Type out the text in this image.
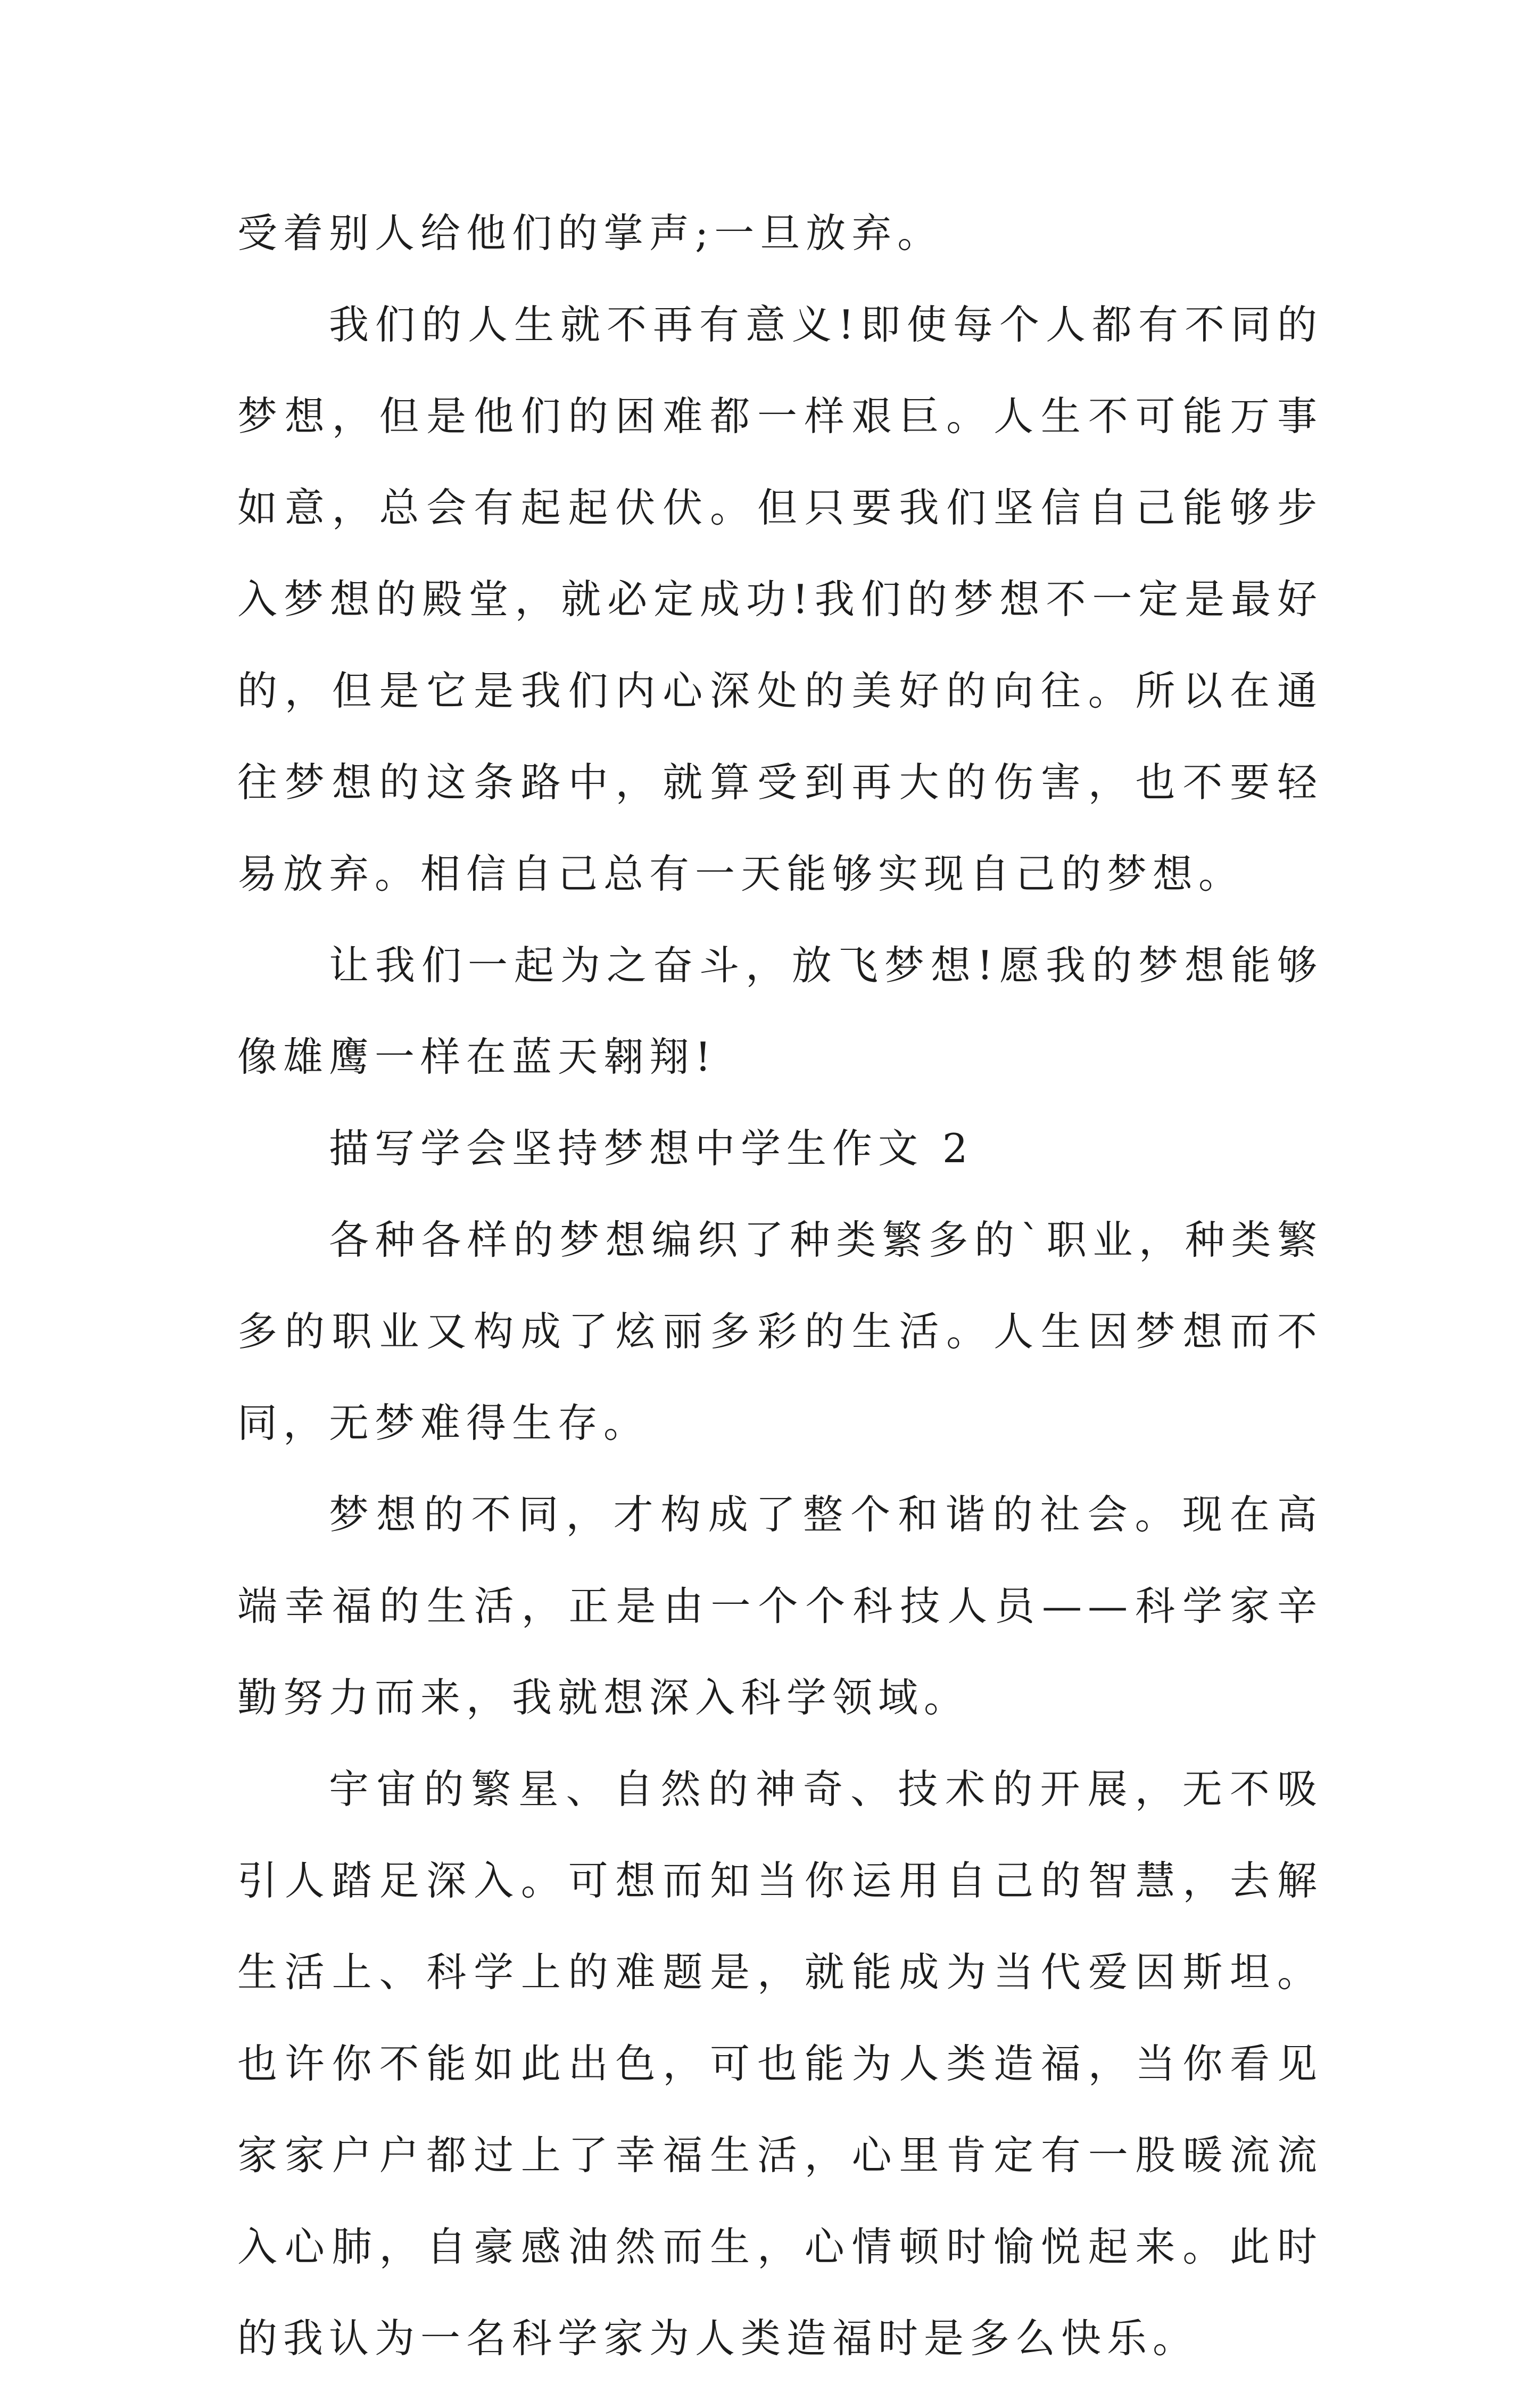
受着别人给他们的掌声;一旦放弃。

我们的人生就不再有意义!即使每个人都有不同的梦想，但是他们的困难都一样艰巨。人生不可能万事如意，总会有起起伏伏。但只要我们坚信自己能够步入梦想的殿堂，就必定成功!我们的梦想不一定是最好的，但是它是我们内心深处的美好的向往。所以在通往梦想的这条路中，就算受到再大的伤害，也不要轻易放弃。相信自己总有一天能够实现自己的梦想。

让我们一起为之奋斗，放飞梦想!愿我的梦想能够像雄鹰一样在蓝天翱翔!

描写学会坚持梦想中学生作文 2

各种各样的梦想编织了种类繁多的`职业，种类繁多的职业又构成了炫丽多彩的生活。人生因梦想而不同，无梦难得生存。

梦想的不同，才构成了整个和谐的社会。现在高端幸福的生活，正是由一个个科技人员——科学家辛勤努力而来，我就想深入科学领域。

宇宙的繁星、自然的神奇、技术的开展，无不吸引人踏足深入。可想而知当你运用自己的智慧，去解生活上、科学上的难题是，就能成为当代爱因斯坦。也许你不能如此出色，可也能为人类造福，当你看见家家户户都过上了幸福生活，心里肯定有一股暖流流入心肺，自豪感油然而生，心情顿时愉悦起来。此时的我认为一名科学家为人类造福时是多么快乐。
